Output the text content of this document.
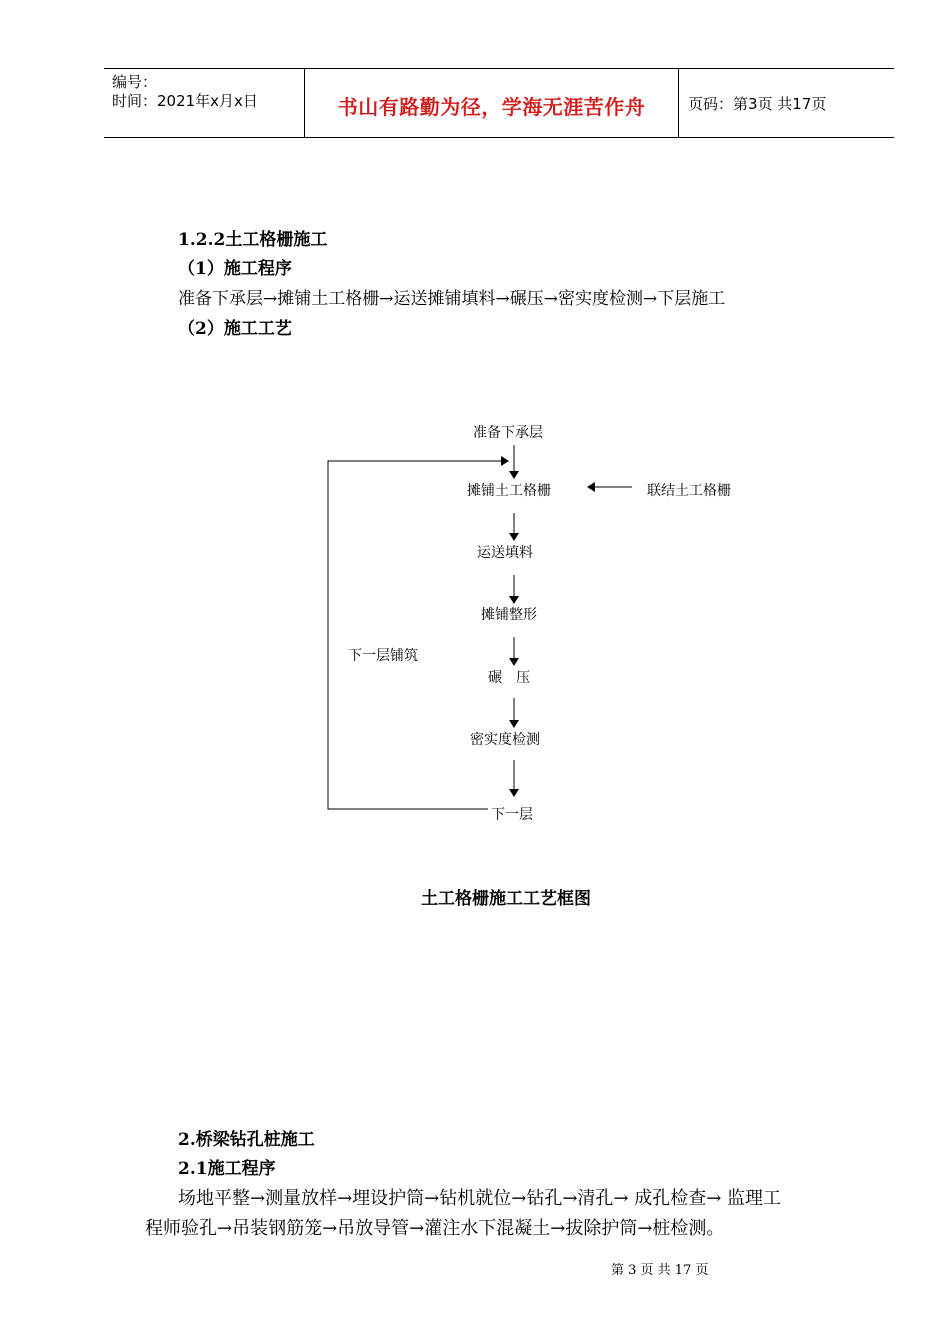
编号：
时间：2021年x月x日	书山有路勤为径，学海无涯苦作舟	页码：第3页 共17页
1.2.2土工格栅施工
（1）施工程序
准备下承层→摊铺土工格栅→运送摊铺填料→碾压→密实度检测→下层施工
（2）施工工艺
准备下承层
摊铺土工格栅
运送填料
摊铺整形
碾　压
密实度检测
下一层
联结土工格栅
下一层铺筑
土工格栅施工工艺框图
2.桥梁钻孔桩施工
2.1施工程序
场地平整→测量放样→埋设护筒→钻机就位→钻孔→清孔→ 成孔检查→ 监理工
程师验孔→吊装钢筋笼→吊放导管→灌注水下混凝土→拔除护筒→桩检测。
第 3 页 共 17 页
